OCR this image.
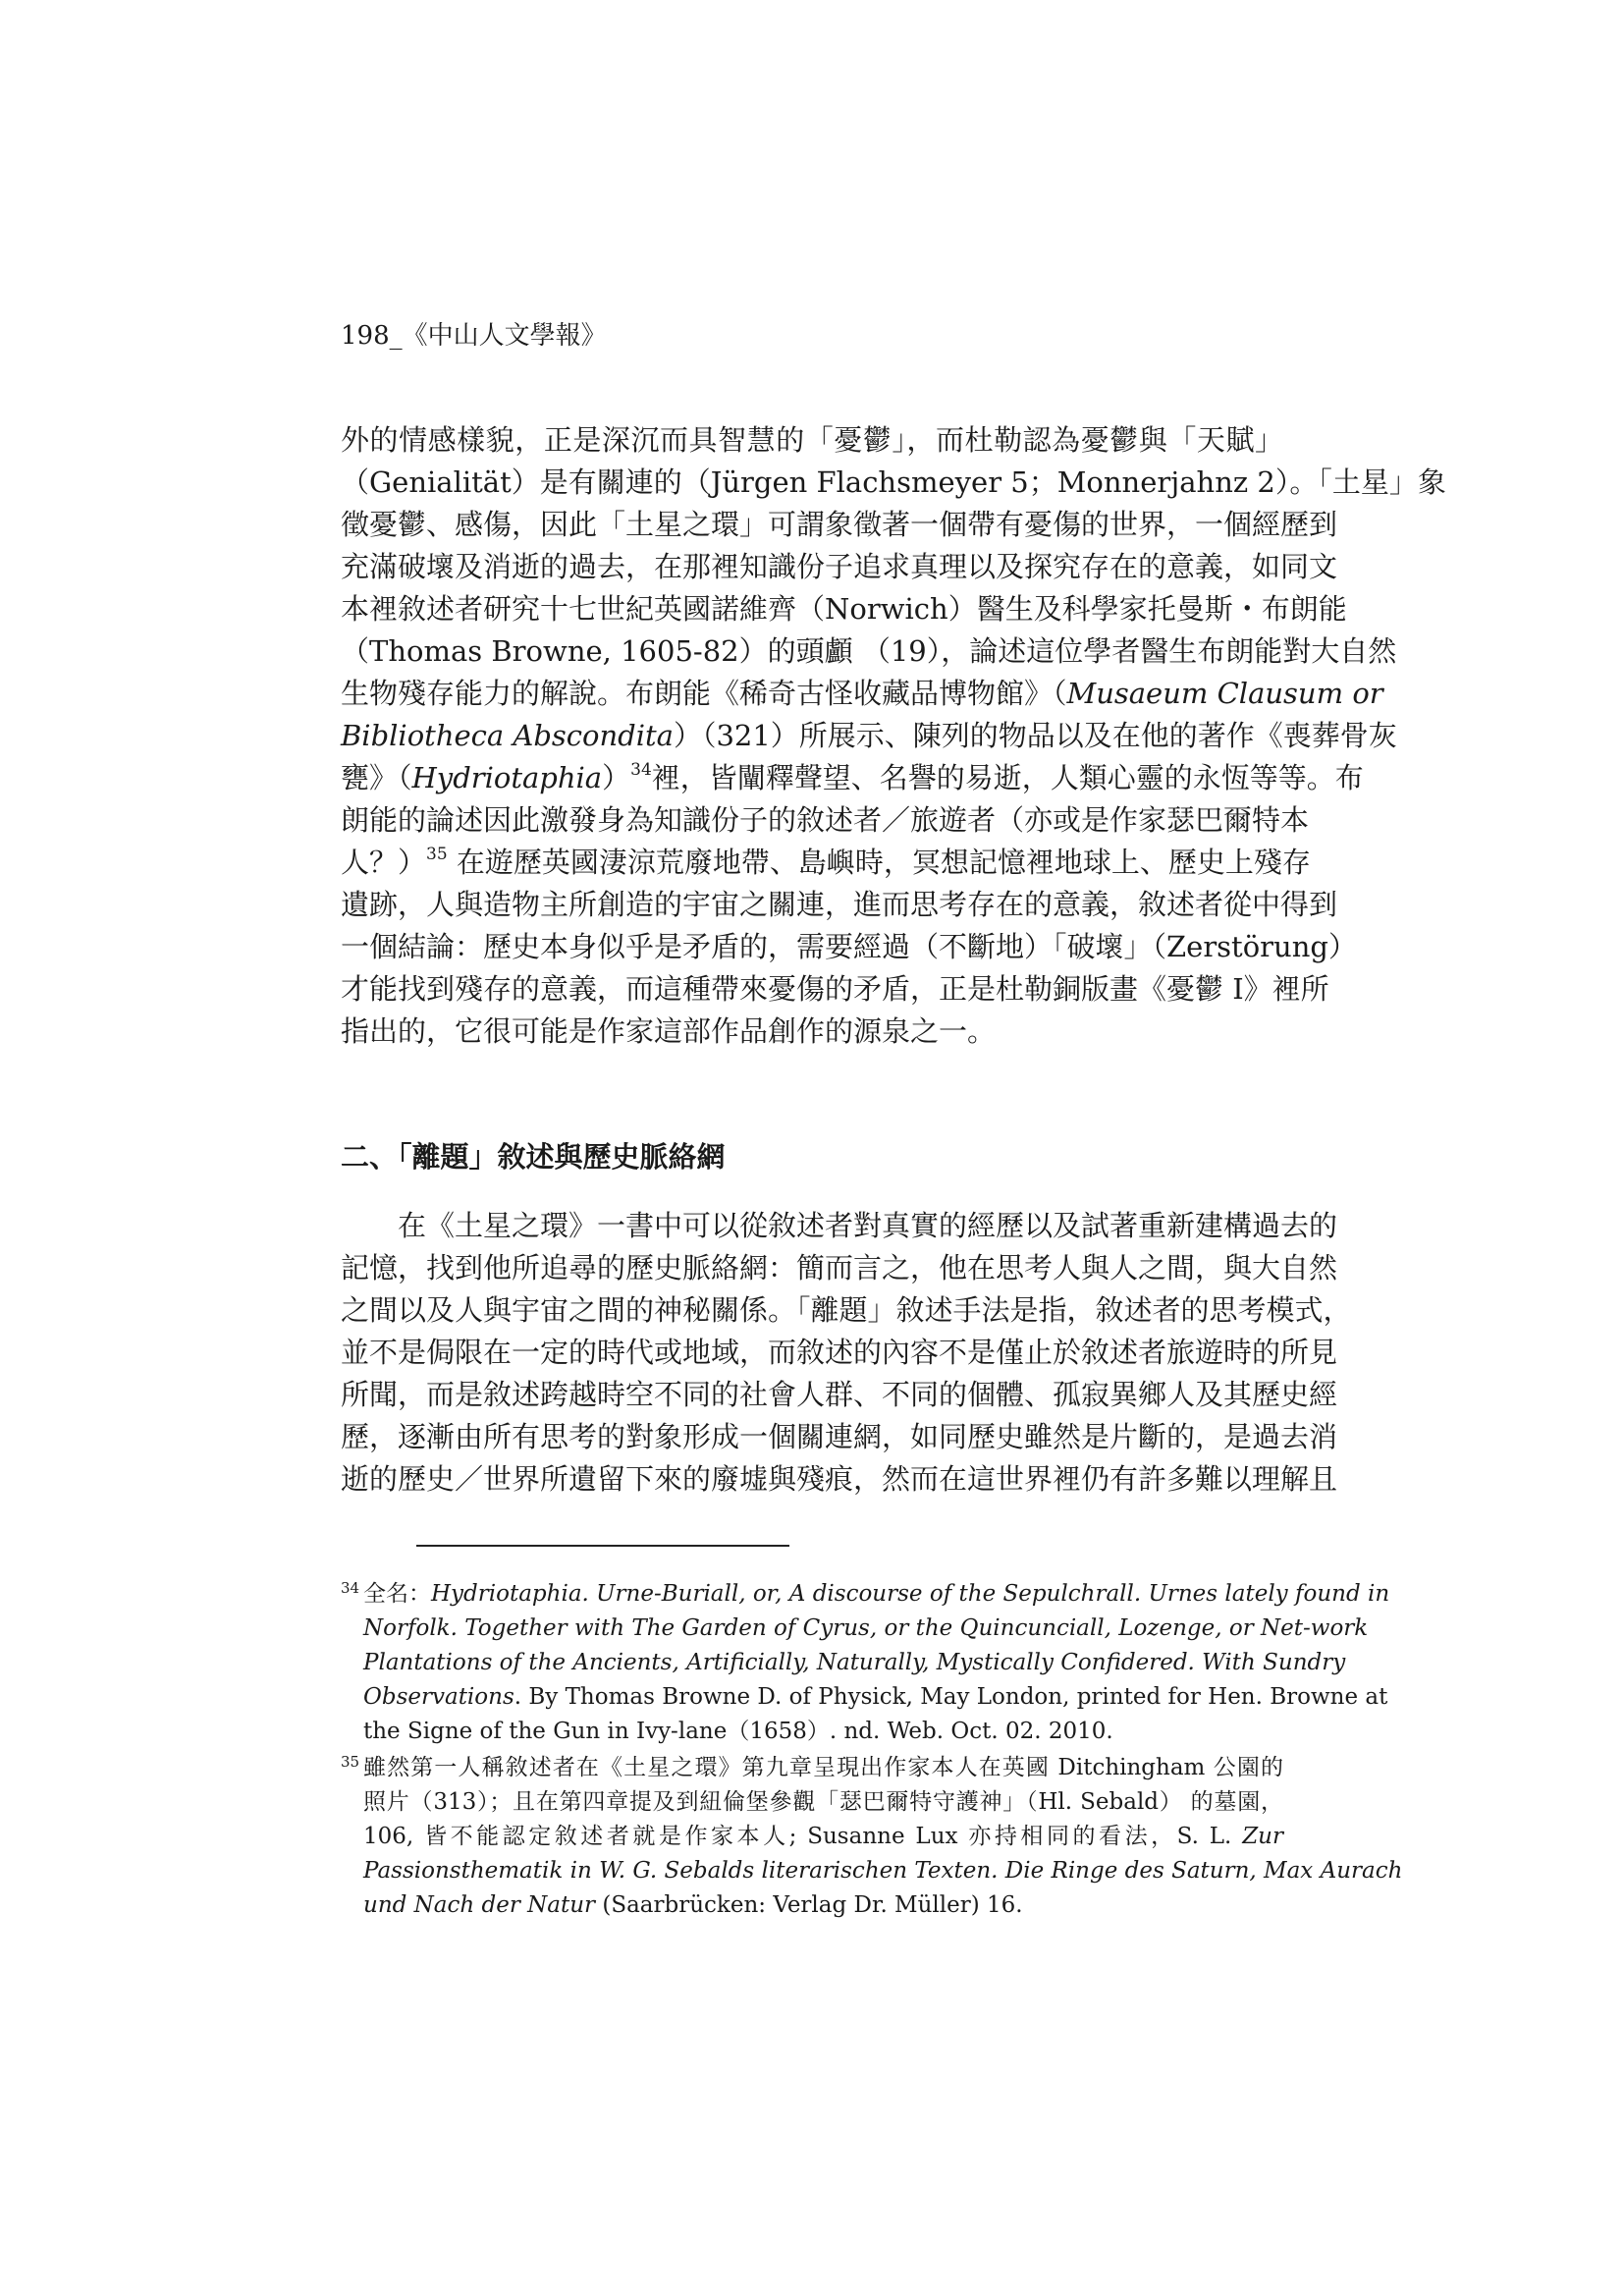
198_《中山人文學報》
外的情感樣貌，正是深沉而具智慧的「憂鬱」，而杜勒認為憂鬱與「天賦」
（Genialität）是有關連的（Jürgen Flachsmeyer 5；Monnerjahnz 2）。「土星」象
徵憂鬱、感傷，因此「土星之環」可謂象徵著一個帶有憂傷的世界，一個經歷到
充滿破壞及消逝的過去，在那裡知識份子追求真理以及探究存在的意義，如同文
本裡敘述者研究十七世紀英國諾維齊（Norwich）醫生及科學家托曼斯・布朗能
（Thomas Browne, 1605-82）的頭顱 （19），論述這位學者醫生布朗能對大自然
生物殘存能力的解說。布朗能《稀奇古怪收藏品博物館》（Musaeum Clausum or
Bibliotheca Abscondita）（321）所展示、陳列的物品以及在他的著作《喪葬骨灰
甕》（Hydriotaphia）$^{34}$裡，皆闡釋聲望、名譽的易逝，人類心靈的永恆等等。布
朗能的論述因此激發身為知識份子的敘述者／旅遊者（亦或是作家瑟巴爾特本
人？）$^{35}$ 在遊歷英國淒涼荒廢地帶、島嶼時，冥想記憶裡地球上、歷史上殘存
遺跡，人與造物主所創造的宇宙之關連，進而思考存在的意義，敘述者從中得到
一個結論：歷史本身似乎是矛盾的，需要經過（不斷地）「破壞」（Zerstörung）
才能找到殘存的意義，而這種帶來憂傷的矛盾，正是杜勒銅版畫《憂鬱 I》裡所
指出的，它很可能是作家這部作品創作的源泉之一。
二、「離題」敘述與歷史脈絡網
在《土星之環》一書中可以從敘述者對真實的經歷以及試著重新建構過去的
記憶，找到他所追尋的歷史脈絡網：簡而言之，他在思考人與人之間，與大自然
之間以及人與宇宙之間的神秘關係。「離題」敘述手法是指，敘述者的思考模式，
並不是侷限在一定的時代或地域，而敘述的內容不是僅止於敘述者旅遊時的所見
所聞，而是敘述跨越時空不同的社會人群、不同的個體、孤寂異鄉人及其歷史經
歷，逐漸由所有思考的對象形成一個關連網，如同歷史雖然是片斷的，是過去消
逝的歷史／世界所遺留下來的廢墟與殘痕，然而在這世界裡仍有許多難以理解且
34 全名：Hydriotaphia. Urne-Buriall, or, A discourse of the Sepulchrall. Urnes lately found in
Norfolk. Together with The Garden of Cyrus, or the Quincunciall, Lozenge, or Net-work
Plantations of the Ancients, Artificially, Naturally, Mystically Confidered. With Sundry
Observations. By Thomas Browne D. of Physick, May London, printed for Hen. Browne at
the Signe of the Gun in Ivy-lane（1658）. nd. Web. Oct. 02. 2010.
35 雖然第一人稱敘述者在《土星之環》第九章呈現出作家本人在英國 Ditchingham 公園的
照片（313）；且在第四章提及到紐倫堡參觀「瑟巴爾特守護神」（Hl. Sebald） 的墓園，
106, 皆不能認定敘述者就是作家本人; Susanne Lux 亦持相同的看法，S. L. Zur
Passionsthematik in W. G. Sebalds literarischen Texten. Die Ringe des Saturn, Max Aurach
und Nach der Natur (Saarbrücken: Verlag Dr. Müller) 16.
